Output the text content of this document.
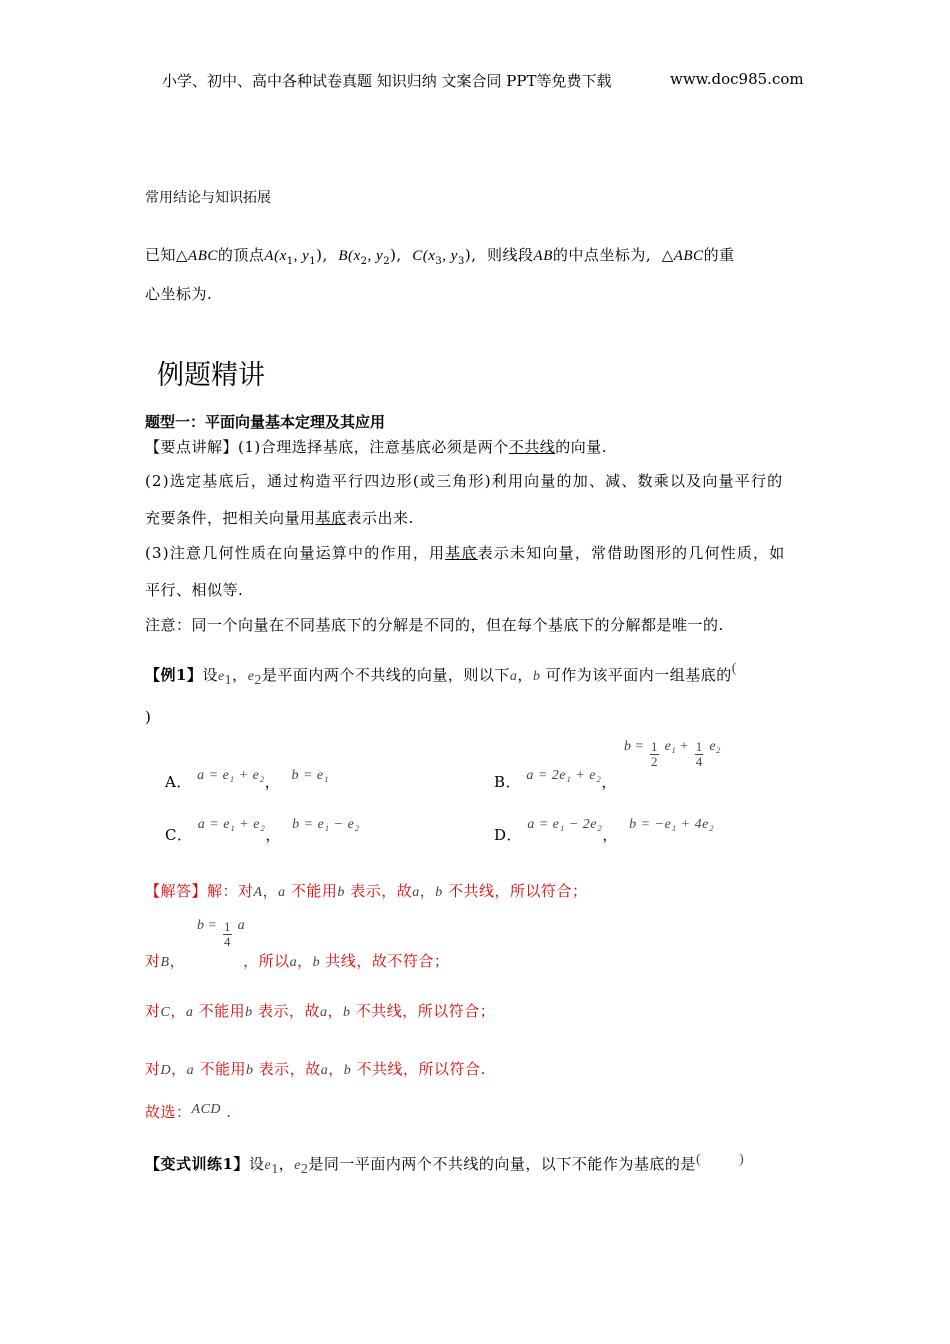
小学、初中、高中各种试卷真题 知识归纳 文案合同 PPT等免费下载	www.doc985.com
常用结论与知识拓展
已知△ABC的顶点$A(x_1$, $y_1$), $B(x_2$, $y_2$), $C(x_3$, $y_3$), 则线段AB的中点坐标为, △ABC的重
心坐标为.
例题精讲
题型一：平面向量基本定理及其应用
【要点讲解】(1)合理选择基底，注意基底必须是两个不共线的向量.
(2)选定基底后，通过构造平行四边形(或三角形)利用向量的加、减、数乘以及向量平行的
充要条件，把相关向量用基底表示出来.
(3)注意几何性质在向量运算中的作用，用基底表示未知向量，常借助图形的几何性质，如
平行、相似等.
注意：同一个向量在不同基底下的分解是不同的，但在每个基底下的分解都是唯一的.
【例1】设$e_1$，$e_2$是平面内两个不共线的向量，则以下a，b 可作为该平面内一组基底的(
)
A． a = e₁ + e₂， b = e₁	B． a = 2e₁ + e₂，
$b = \frac{1}{2} e_1 + \frac{1}{4} e_2$
C． a = e₁ + e₂， b = e₁ − e₂
D． a = e₁ − 2e₂， b = −e₁ + 4e₂
【解答】解：对A，a 不能用b 表示，故a，b 不共线，所以符合；
$b = \frac{1}{4}$ a
对B，	，所以a，b 共线，故不符合；
对C，a 不能用b 表示，故a，b 不共线，所以符合；
对D，a 不能用b 表示，故a，b 不共线，所以符合.
故选：ACD .
【变式训练1】设$e_1$，$e_2$是同一平面内两个不共线的向量，以下不能作为基底的是(	)
